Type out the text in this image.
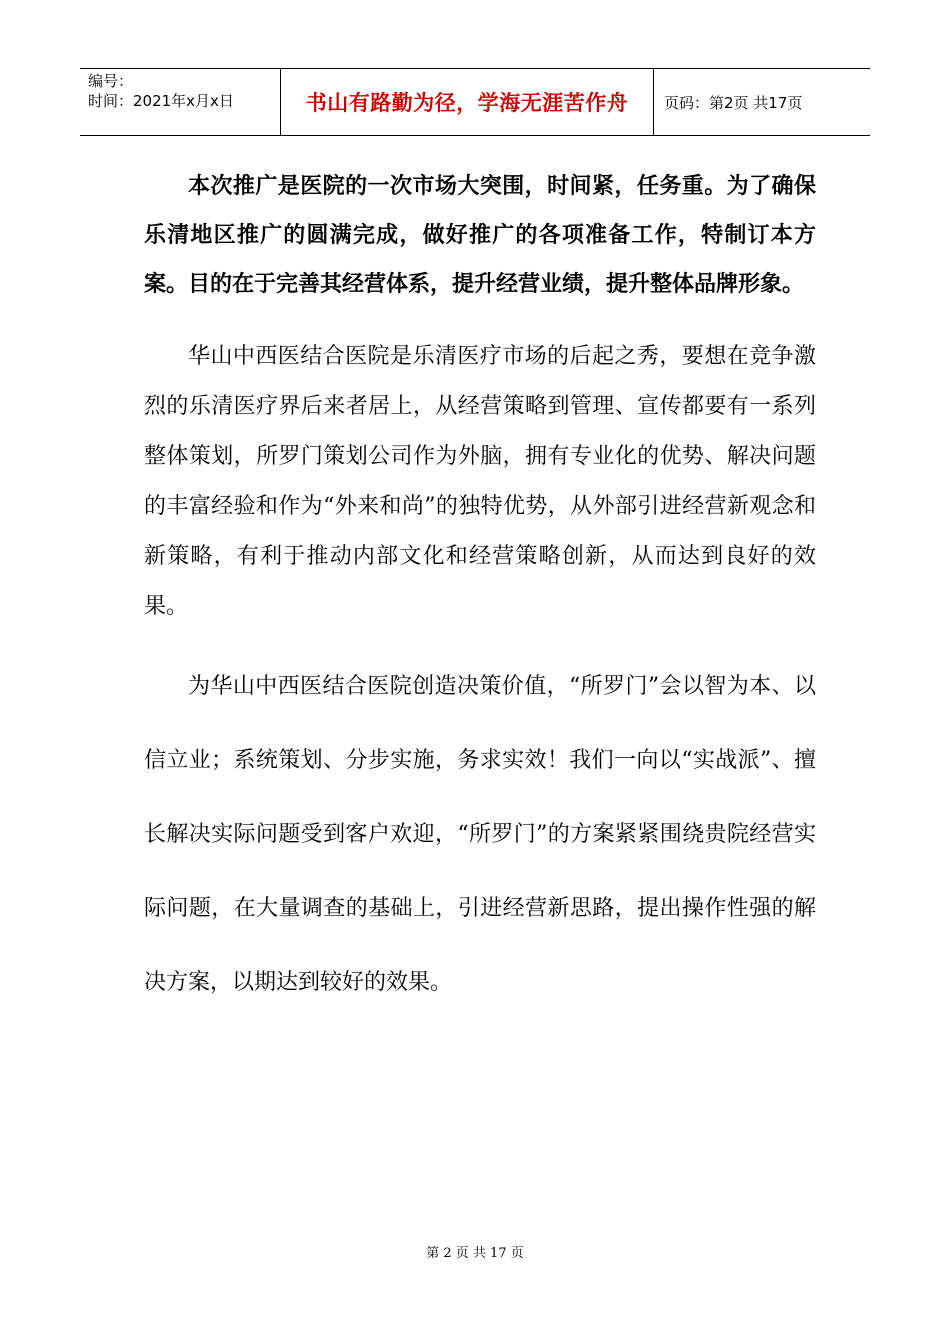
编号：
时间：2021年x月x日	书山有路勤为径，学海无涯苦作舟	页码：第2页 共17页

本次推广是医院的一次市场大突围，时间紧，任务重。为了确保乐清地区推广的圆满完成，做好推广的各项准备工作，特制订本方案。目的在于完善其经营体系，提升经营业绩，提升整体品牌形象。

华山中西医结合医院是乐清医疗市场的后起之秀，要想在竞争激烈的乐清医疗界后来者居上，从经营策略到管理、宣传都要有一系列整体策划，所罗门策划公司作为外脑，拥有专业化的优势、解决问题的丰富经验和作为“外来和尚”的独特优势，从外部引进经营新观念和新策略，有利于推动内部文化和经营策略创新，从而达到良好的效果。

为华山中西医结合医院创造决策价值，“所罗门”会以智为本、以信立业；系统策划、分步实施，务求实效！我们一向以“实战派”、擅长解决实际问题受到客户欢迎，“所罗门”的方案紧紧围绕贵院经营实际问题，在大量调查的基础上，引进经营新思路，提出操作性强的解决方案，以期达到较好的效果。

第 2 页 共 17 页
